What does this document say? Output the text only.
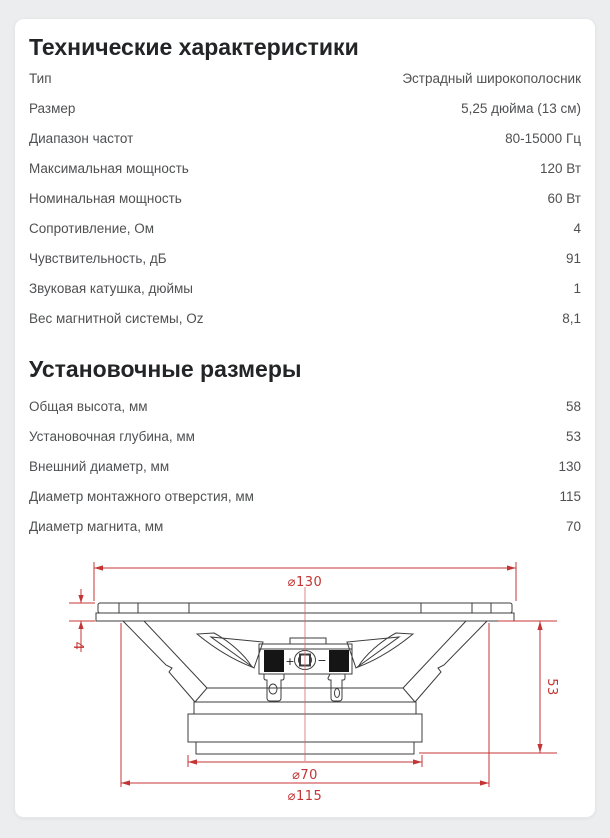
Технические характеристики
Тип	Эстрадный широкополосник
Размер	5,25 дюйма (13 см)
Диапазон частот	80-15000 Гц
Максимальная мощность	120 Вт
Номинальная мощность	60 Вт
Сопротивление, Ом	4
Чувствительность, дБ	91
Звуковая катушка, дюймы	1
Вес магнитной системы, Oz	8,1
Установочные размеры
Общая высота, мм	58
Установочная глубина, мм	53
Внешний диаметр, мм	130
Диаметр монтажного отверстия, мм	115
Диаметр магнита, мм	70
+ −
⌀130
4
53
⌀70
⌀115
